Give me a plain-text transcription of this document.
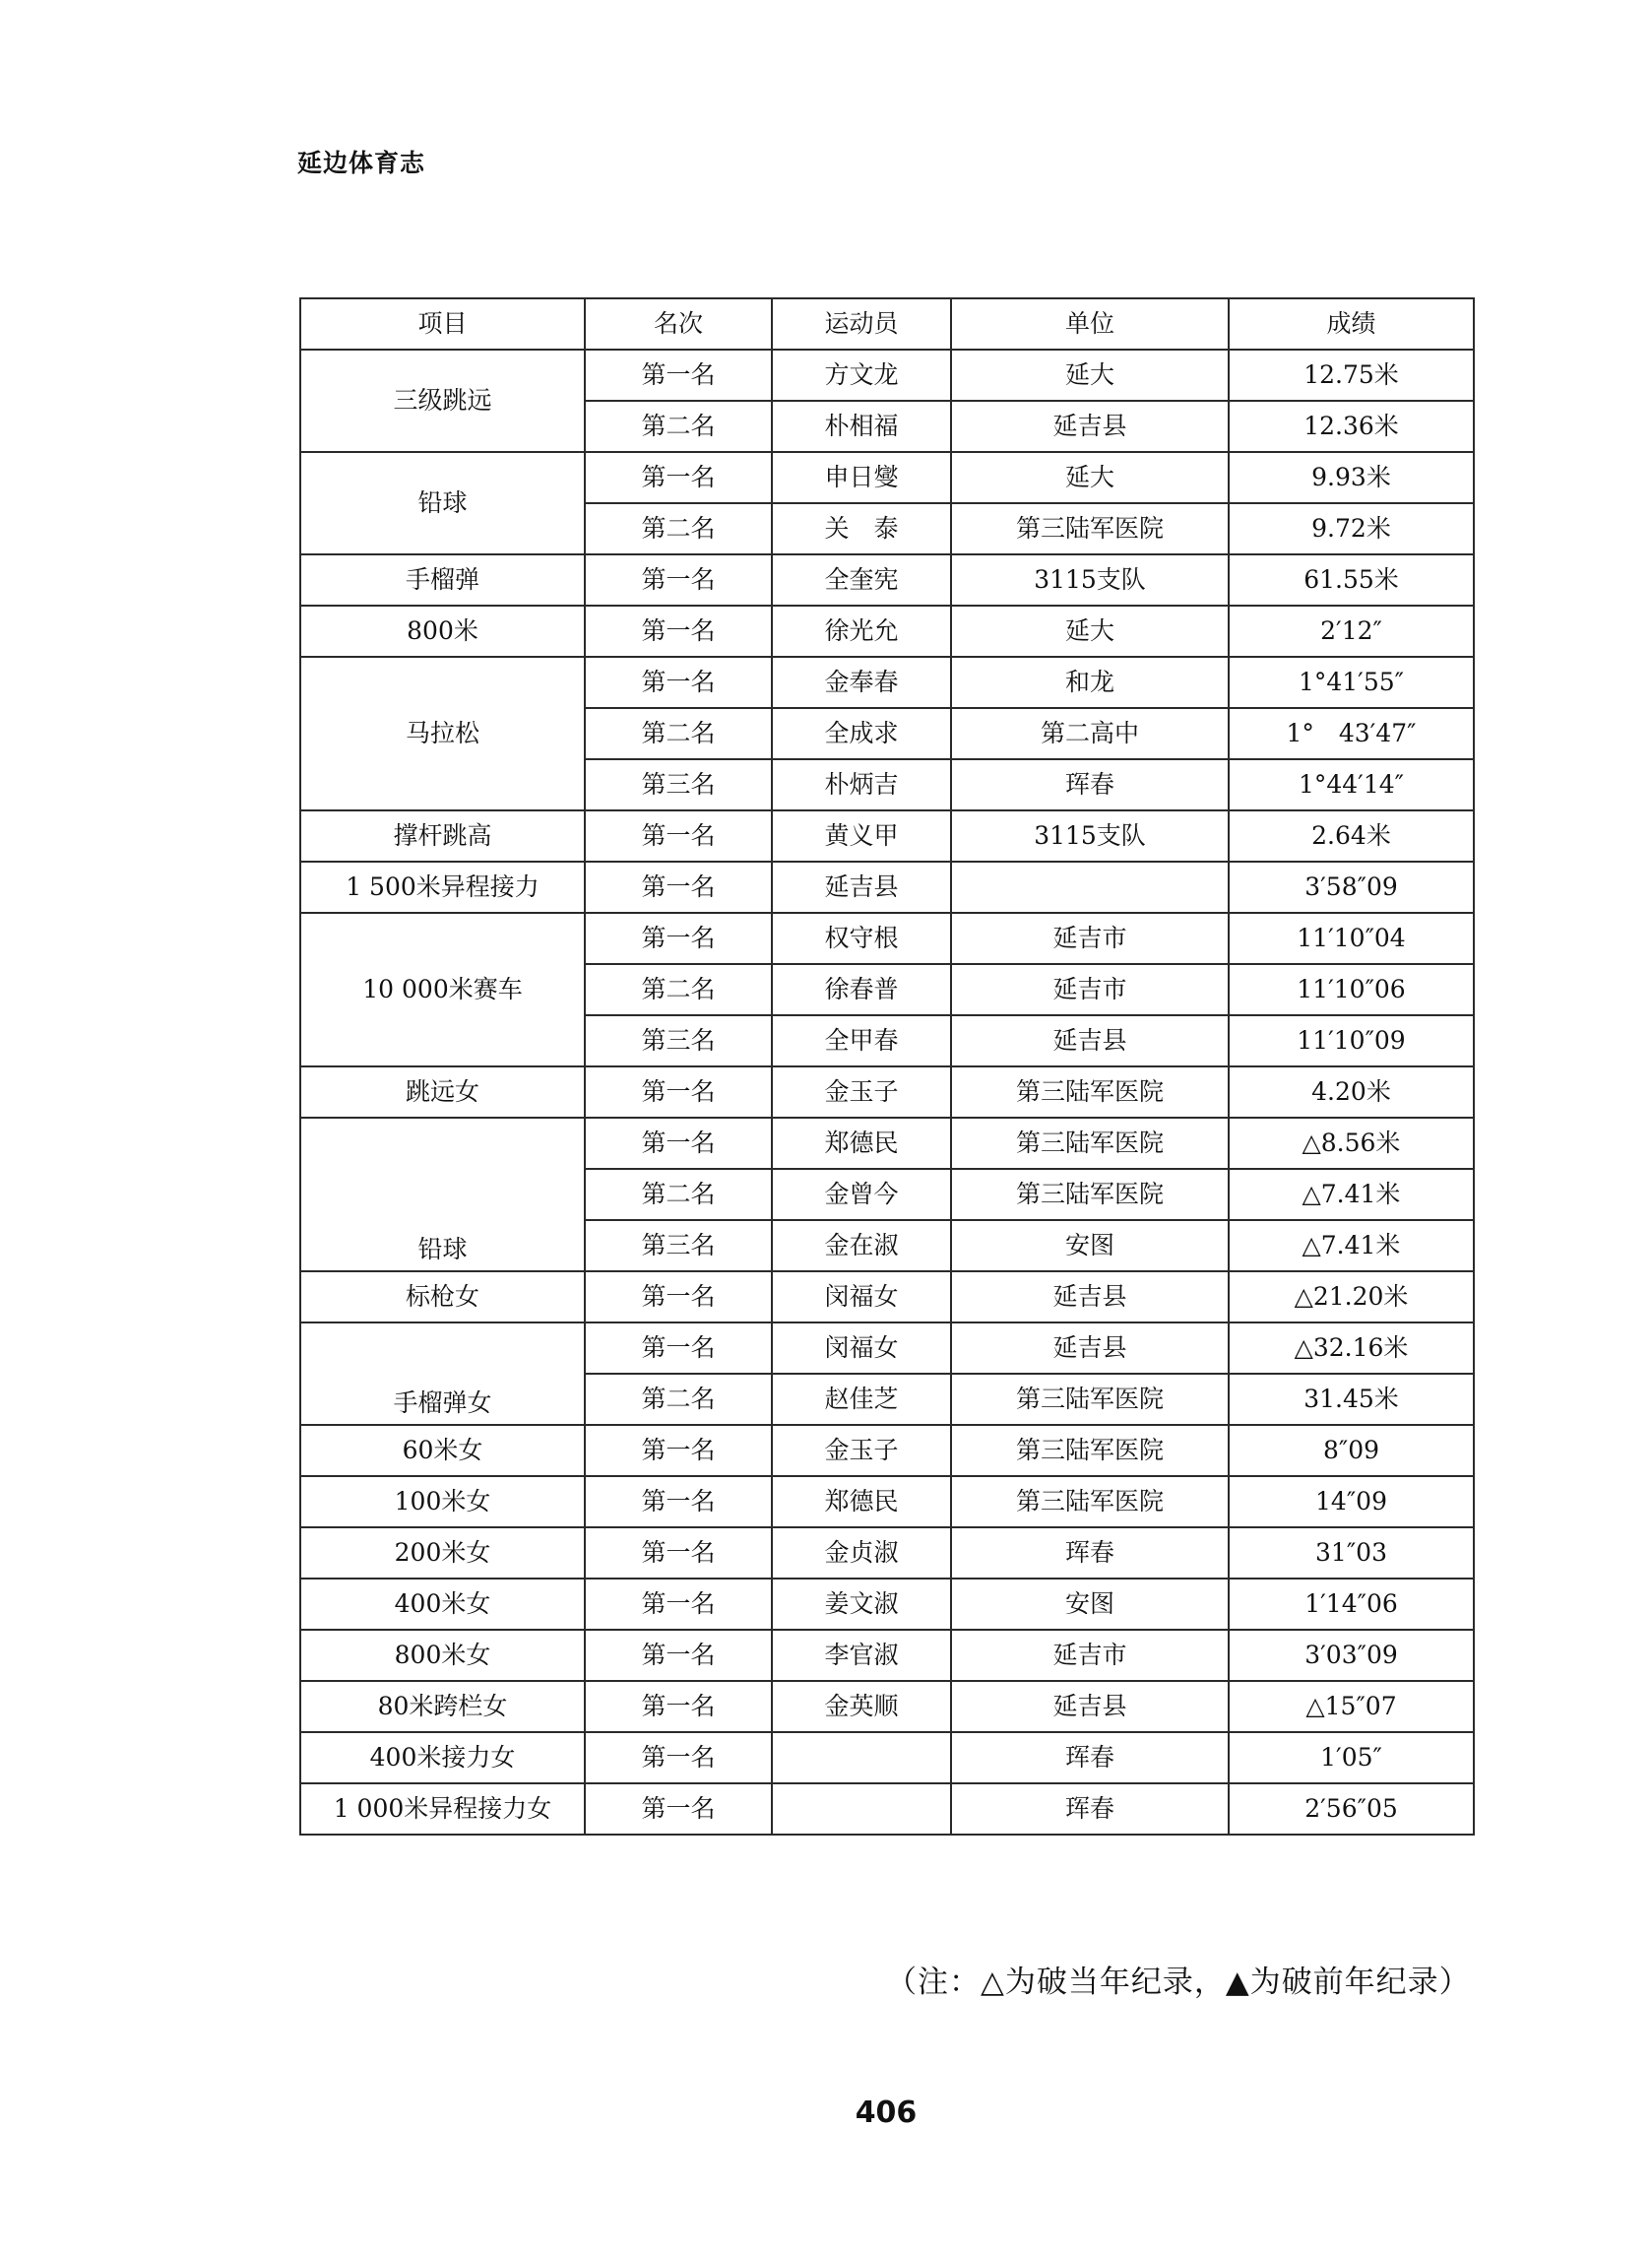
延边体育志
项目	名次	运动员	单位	成绩
三级跳远	第一名	方文龙	延大	12.75米
	第二名	朴相福	延吉县	12.36米
铅球	第一名	申日燮	延大	9.93米
	第二名	关　泰	第三陆军医院	9.72米
手榴弹	第一名	全奎宪	3115支队	61.55米
800米	第一名	徐光允	延大	2′12″
马拉松	第一名	金奉春	和龙	1°41′55″
	第二名	全成求	第二高中	1°　43′47″
	第三名	朴炳吉	珲春	1°44′14″
撑杆跳高	第一名	黄义甲	3115支队	2.64米
1 500米异程接力	第一名	延吉县		3′58″09
10 000米赛车	第一名	权守根	延吉市	11′10″04
	第二名	徐春普	延吉市	11′10″06
	第三名	全甲春	延吉县	11′10″09
跳远女	第一名	金玉子	第三陆军医院	4.20米
铅球	第一名	郑德民	第三陆军医院	△8.56米
	第二名	金曾今	第三陆军医院	△7.41米
	第三名	金在淑	安图	△7.41米
标枪女	第一名	闵福女	延吉县	△21.20米
手榴弹女	第一名	闵福女	延吉县	△32.16米
	第二名	赵佳芝	第三陆军医院	31.45米
60米女	第一名	金玉子	第三陆军医院	8″09
100米女	第一名	郑德民	第三陆军医院	14″09
200米女	第一名	金贞淑	珲春	31″03
400米女	第一名	姜文淑	安图	1′14″06
800米女	第一名	李官淑	延吉市	3′03″09
80米跨栏女	第一名	金英顺	延吉县	△15″07
400米接力女	第一名		珲春	1′05″
1 000米异程接力女	第一名		珲春	2′56″05
（注：△为破当年纪录，▲为破前年纪录）
406
